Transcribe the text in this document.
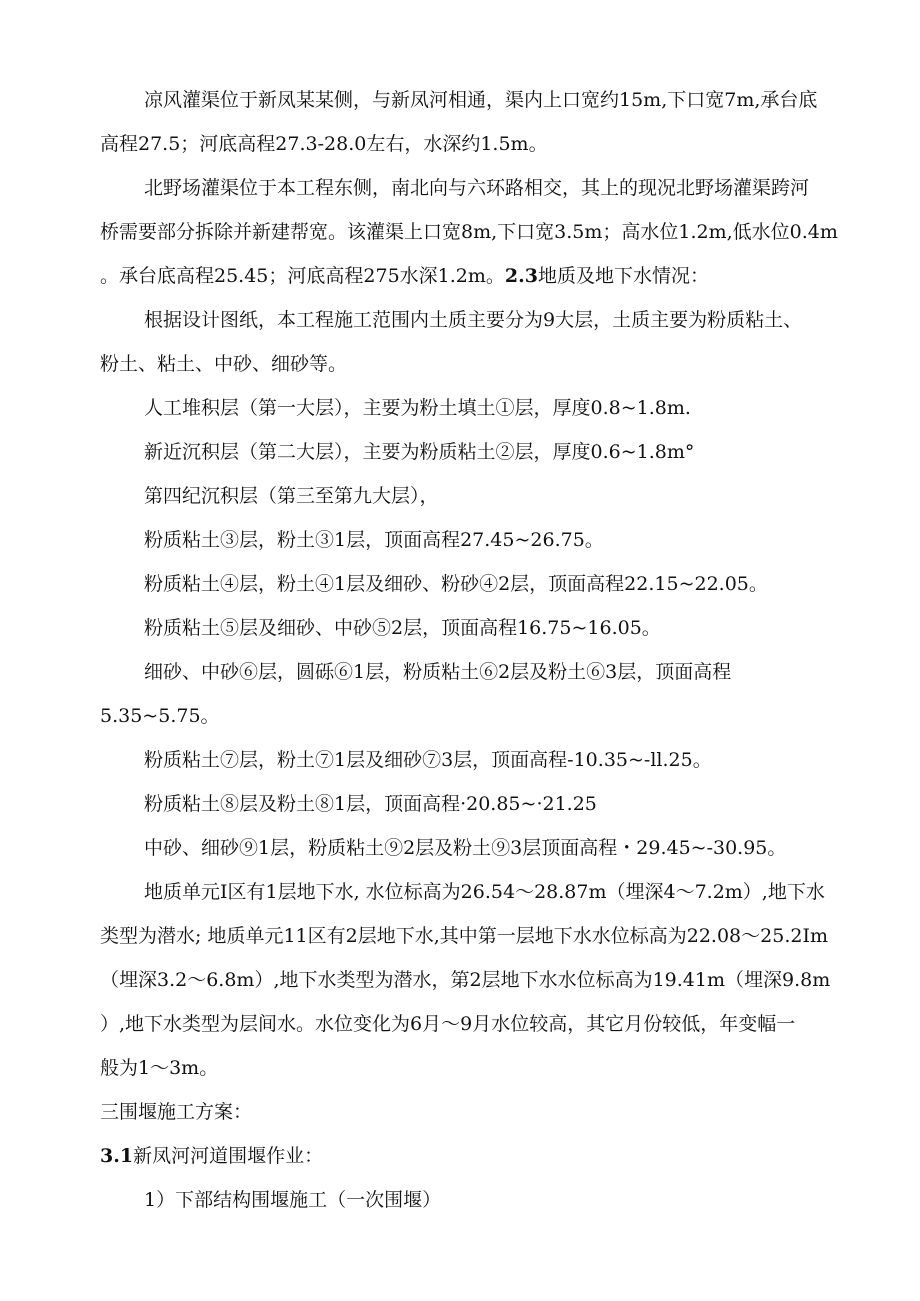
凉风灌渠位于新凤某某侧，与新凤河相通，渠内上口宽约15m,下口宽7m,承台底

高程27.5；河底高程27.3-28.0左右，水深约1.5m。

北野场灌渠位于本工程东侧，南北向与六环路相交，其上的现况北野场灌渠跨河

桥需要部分拆除并新建帮宽。该灌渠上口宽8m,下口宽3.5m；高水位1.2m,低水位0.4m

。承台底高程25.45；河底高程275水深1.2m。2.3地质及地下水情况：

根据设计图纸，本工程施工范围内土质主要分为9大层，土质主要为粉质粘土、

粉土、粘土、中砂、细砂等。

人工堆积层（第一大层），主要为粉土填土①层，厚度0.8~1.8m.

新近沉积层（第二大层），主要为粉质粘土②层，厚度0.6~1.8m°

第四纪沉积层（第三至第九大层），

粉质粘土③层，粉土③1层，顶面高程27.45~26.75。

粉质粘土④层，粉土④1层及细砂、粉砂④2层，顶面高程22.15~22.05。

粉质粘土⑤层及细砂、中砂⑤2层，顶面高程16.75~16.05。

细砂、中砂⑥层，圆砾⑥1层，粉质粘土⑥2层及粉土⑥3层，顶面高程

5.35~5.75。

粉质粘土⑦层，粉土⑦1层及细砂⑦3层，顶面高程-10.35~-ll.25。

粉质粘土⑧层及粉土⑧1层，顶面高程·20.85~·21.25

中砂、细砂⑨1层，粉质粘土⑨2层及粉土⑨3层顶面高程・29.45~-30.95。

地质单元I区有1层地下水, 水位标高为26.54～28.87m（埋深4～7.2m）,地下水

类型为潜水; 地质单元11区有2层地下水,其中第一层地下水水位标高为22.08～25.2Im

（埋深3.2～6.8m）,地下水类型为潜水，第2层地下水水位标高为19.41m（埋深9.8m

）,地下水类型为层间水。水位变化为6月～9月水位较高，其它月份较低，年变幅一

般为1～3m。

三围堰施工方案：

3.1新凤河河道围堰作业：

1）下部结构围堰施工（一次围堰）
